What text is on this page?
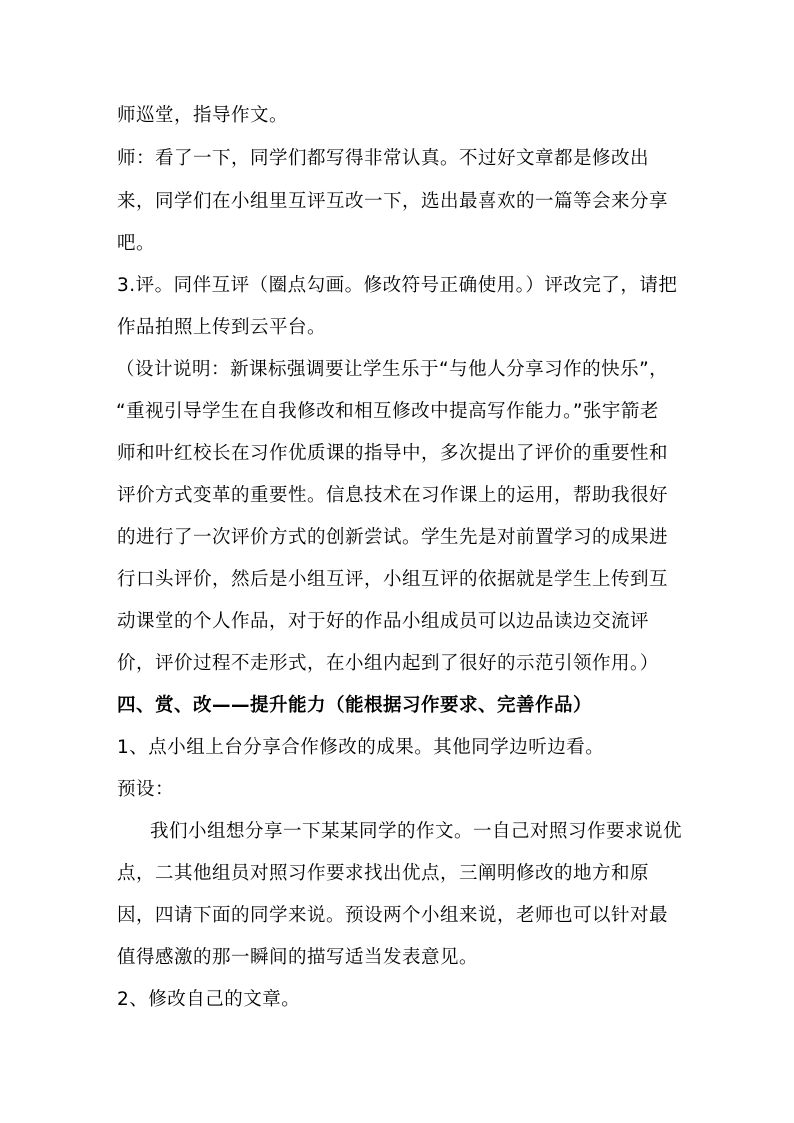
师巡堂，指导作文。
师：看了一下，同学们都写得非常认真。不过好文章都是修改出
来，同学们在小组里互评互改一下，选出最喜欢的一篇等会来分享
吧。
3.评。同伴互评（圈点勾画。修改符号正确使用。）评改完了，请把
作品拍照上传到云平台。
（设计说明：新课标强调要让学生乐于“与他人分享习作的快乐”，
“重视引导学生在自我修改和相互修改中提高写作能力。”张宇箭老
师和叶红校长在习作优质课的指导中，多次提出了评价的重要性和
评价方式变革的重要性。信息技术在习作课上的运用，帮助我很好
的进行了一次评价方式的创新尝试。学生先是对前置学习的成果进
行口头评价，然后是小组互评，小组互评的依据就是学生上传到互
动课堂的个人作品，对于好的作品小组成员可以边品读边交流评
价，评价过程不走形式，在小组内起到了很好的示范引领作用。）
四、赏、改——提升能力（能根据习作要求、完善作品）
1、点小组上台分享合作修改的成果。其他同学边听边看。
预设：
我们小组想分享一下某某同学的作文。一自己对照习作要求说优
点，二其他组员对照习作要求找出优点，三阐明修改的地方和原
因，四请下面的同学来说。预设两个小组来说，老师也可以针对最
值得感激的那一瞬间的描写适当发表意见。
2、修改自己的文章。
